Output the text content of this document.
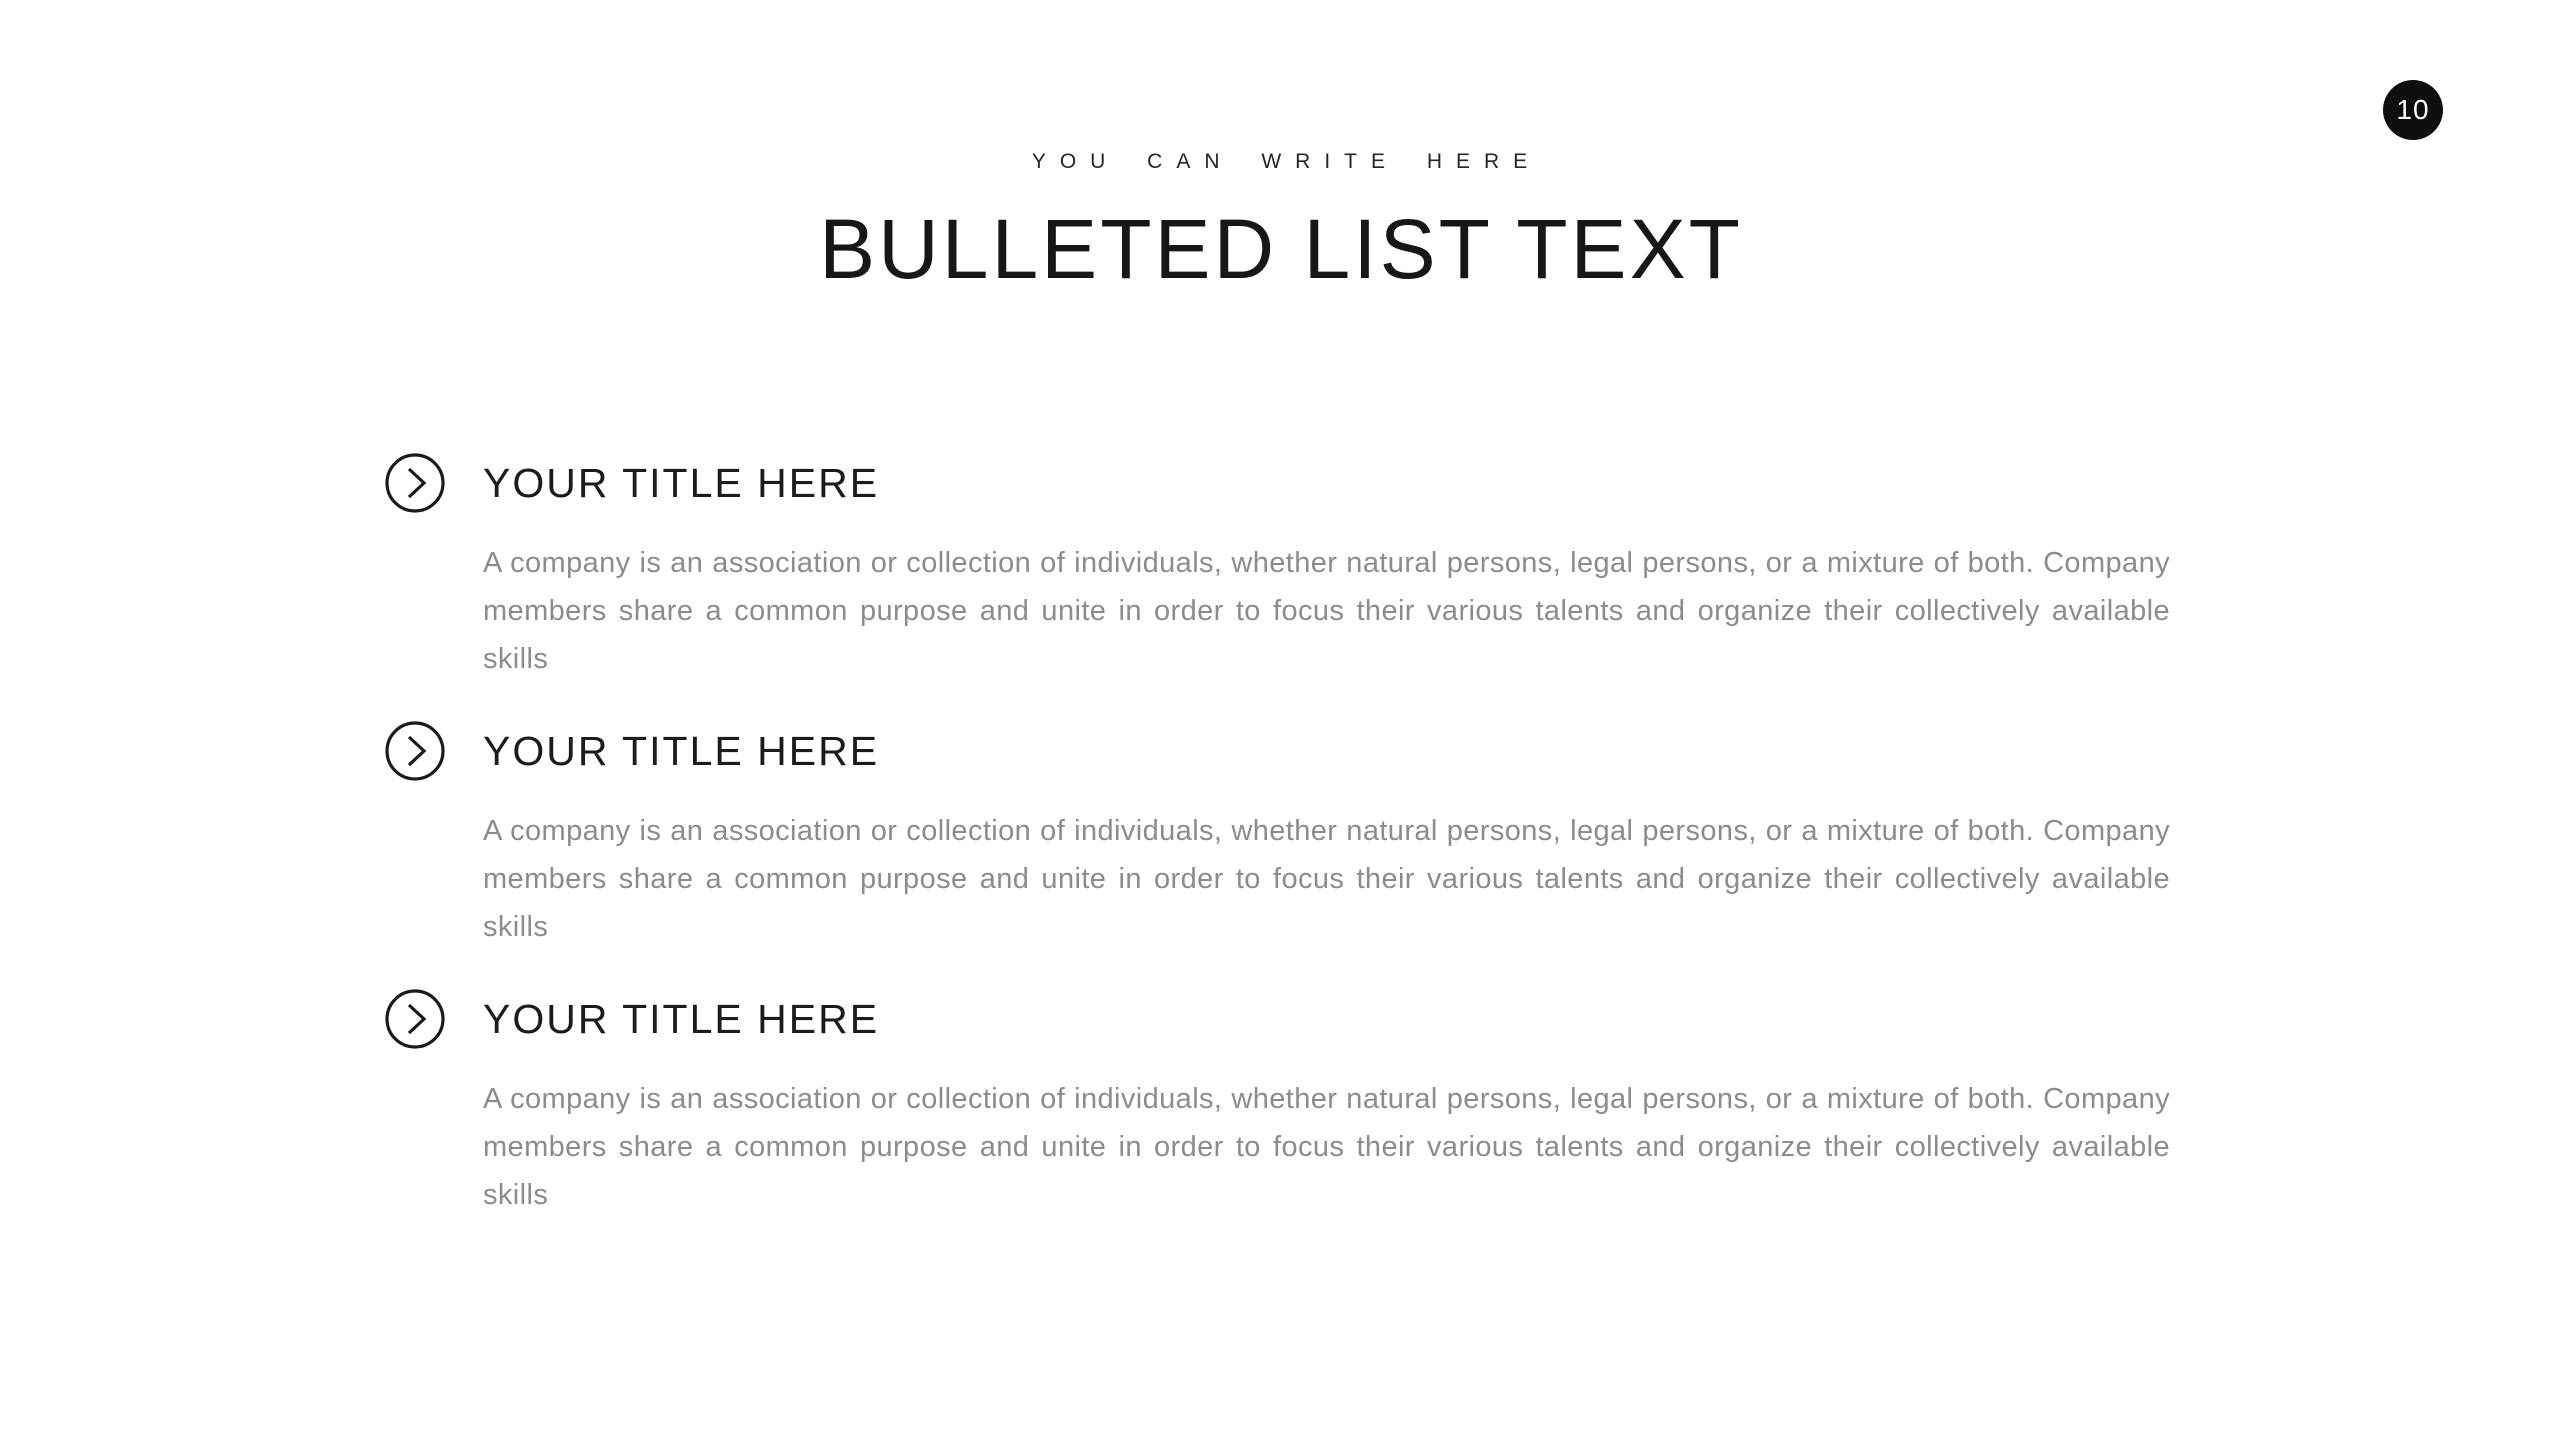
10
YOU CAN WRITE HERE
BULLETED LIST TEXT
YOUR TITLE HERE
A company is an association or collection of individuals, whether natural persons, legal persons, or a mixture of both. Company members share a common purpose and unite in order to focus their various talents and organize their collectively available skills
YOUR TITLE HERE
A company is an association or collection of individuals, whether natural persons, legal persons, or a mixture of both. Company members share a common purpose and unite in order to focus their various talents and organize their collectively available skills
YOUR TITLE HERE
A company is an association or collection of individuals, whether natural persons, legal persons, or a mixture of both. Company members share a common purpose and unite in order to focus their various talents and organize their collectively available skills
